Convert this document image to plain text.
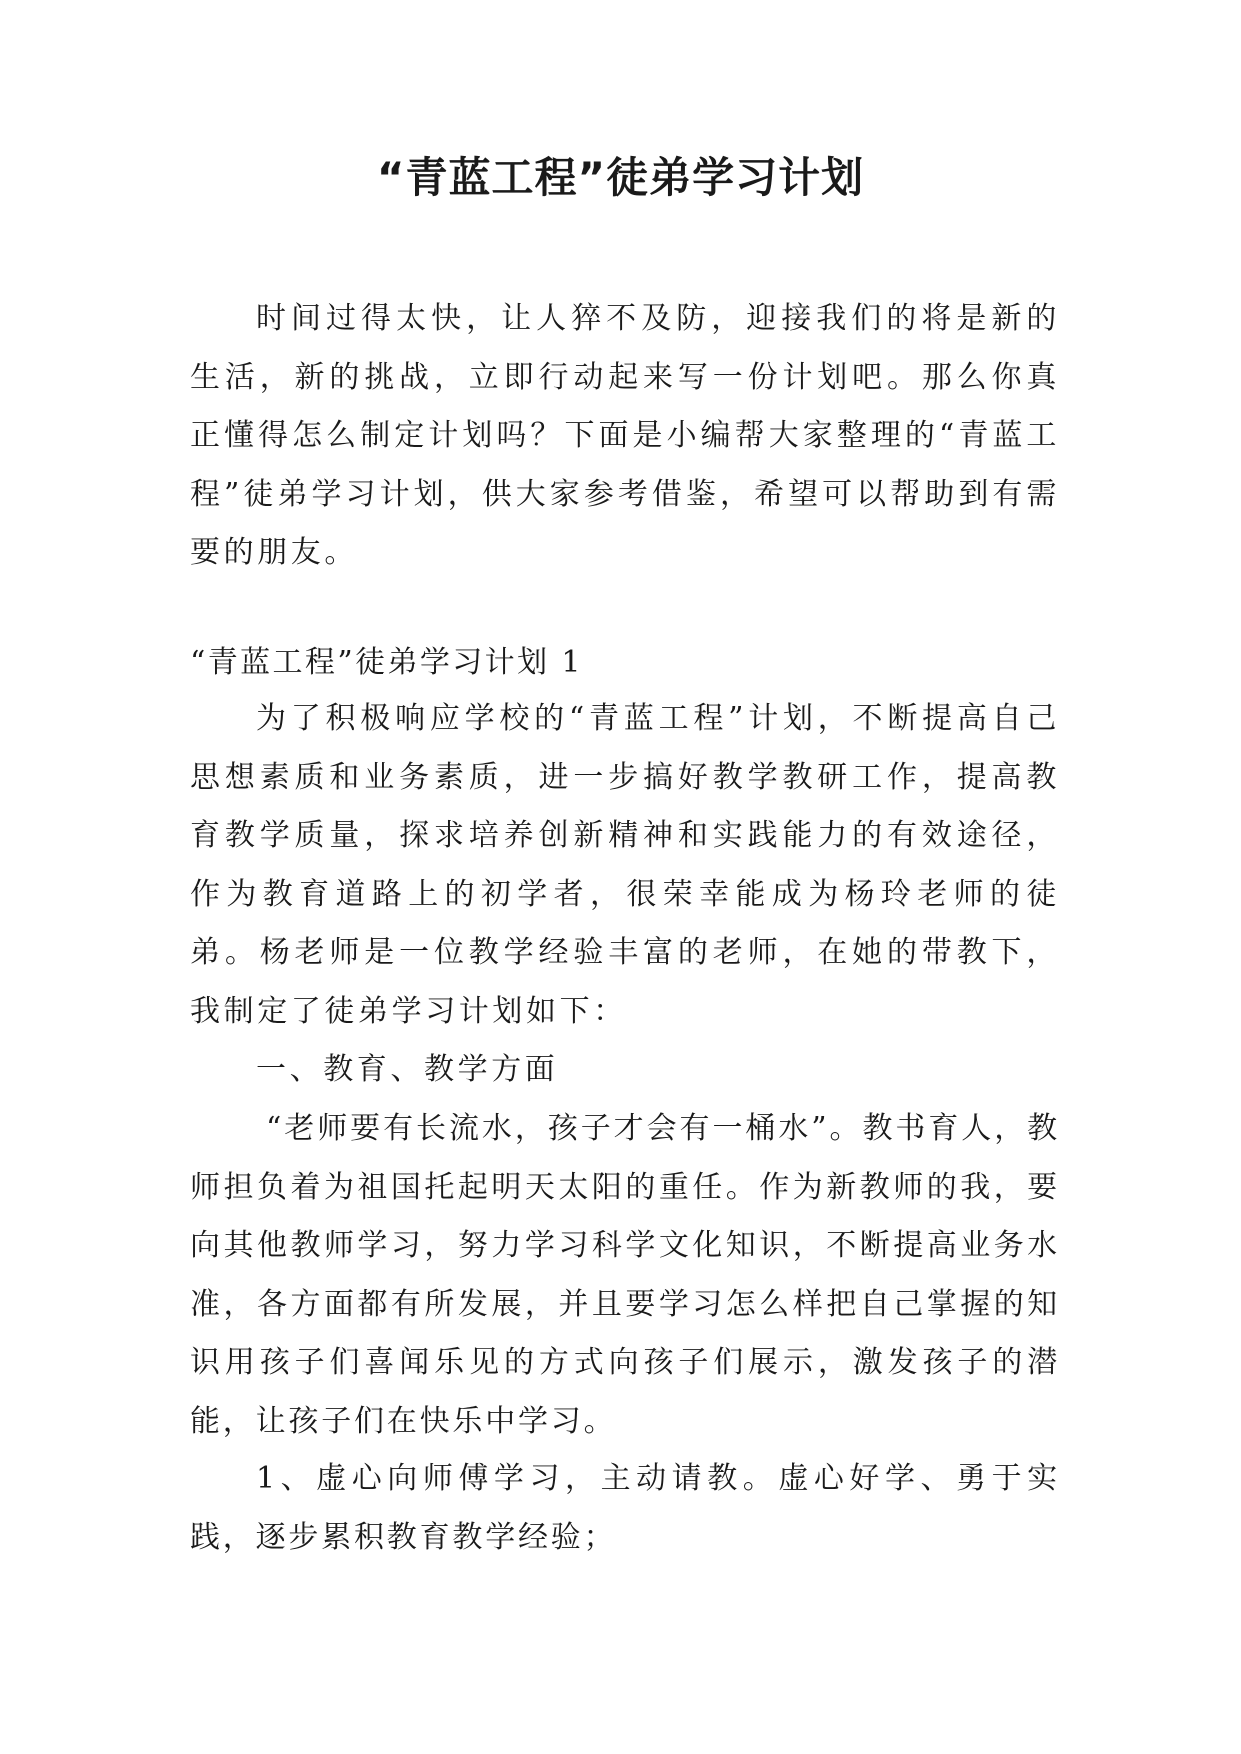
“青蓝工程”徒弟学习计划

时间过得太快，让人猝不及防，迎接我们的将是新的生活，新的挑战，立即行动起来写一份计划吧。那么你真正懂得怎么制定计划吗？下面是小编帮大家整理的“青蓝工程”徒弟学习计划，供大家参考借鉴，希望可以帮助到有需要的朋友。

“青蓝工程”徒弟学习计划 1

为了积极响应学校的“青蓝工程”计划，不断提高自己思想素质和业务素质，进一步搞好教学教研工作，提高教育教学质量，探求培养创新精神和实践能力的有效途径，作为教育道路上的初学者，很荣幸能成为杨玲老师的徒弟。杨老师是一位教学经验丰富的老师，在她的带教下，我制定了徒弟学习计划如下：

一、教育、教学方面

“老师要有长流水，孩子才会有一桶水”。教书育人，教师担负着为祖国托起明天太阳的重任。作为新教师的我，要向其他教师学习，努力学习科学文化知识，不断提高业务水准，各方面都有所发展，并且要学习怎么样把自己掌握的知识用孩子们喜闻乐见的方式向孩子们展示，激发孩子的潜能，让孩子们在快乐中学习。

1、虚心向师傅学习，主动请教。虚心好学、勇于实践，逐步累积教育教学经验；
